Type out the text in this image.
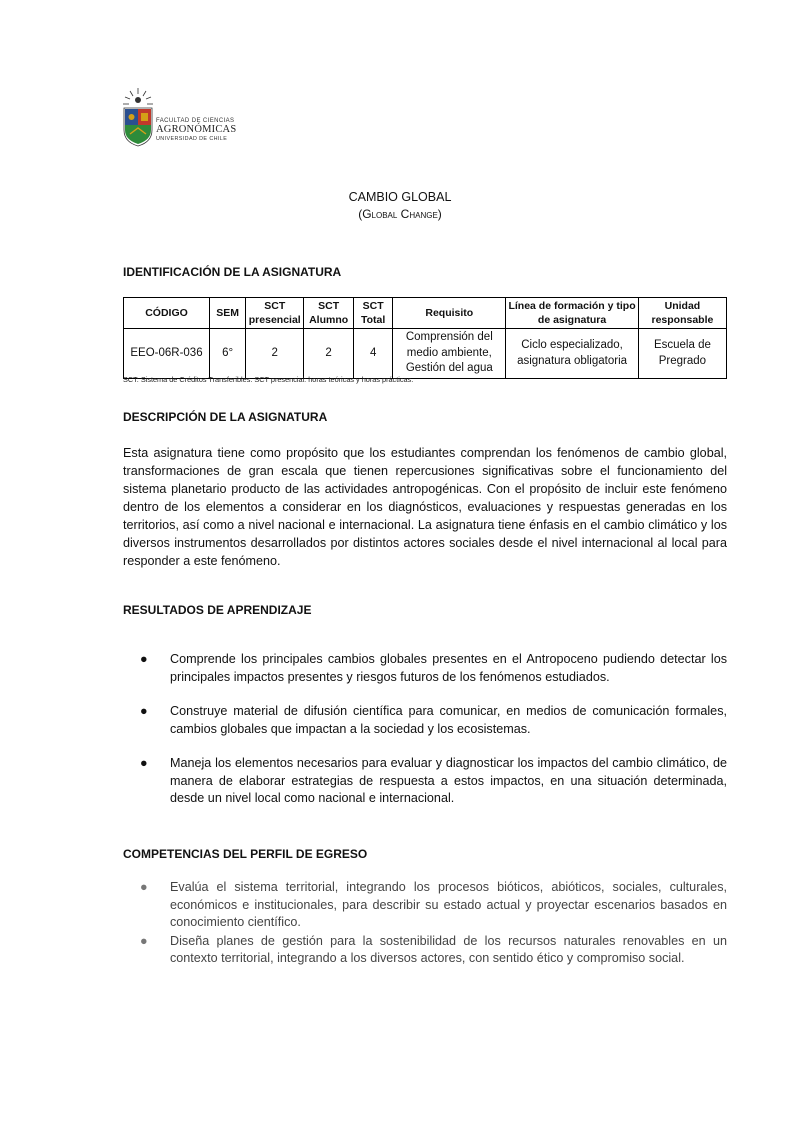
FACULTAD DE CIENCIAS
AGRONÓMICAS
UNIVERSIDAD DE CHILE
CAMBIO GLOBAL
(Global Change)
IDENTIFICACIÓN DE LA ASIGNATURA
CÓDIGO	SEM	SCT presencial	SCT Alumno	SCT Total	Requisito	Línea de formación y tipo de asignatura	Unidad responsable
EEO-06R-036	6°	2	2	4	Comprensión del medio ambiente, Gestión del agua	Ciclo especializado, asignatura obligatoria	Escuela de Pregrado
SCT: Sistema de Créditos Transferibles. SCT presencial: horas teóricas y horas prácticas.
DESCRIPCIÓN DE LA ASIGNATURA
Esta asignatura tiene como propósito que los estudiantes comprendan los fenómenos de cambio global, transformaciones de gran escala que tienen repercusiones significativas sobre el funcionamiento del sistema planetario producto de las actividades antropogénicas. Con el propósito de incluir este fenómeno dentro de los elementos a considerar en los diagnósticos, evaluaciones y respuestas generadas en los territorios, así como a nivel nacional e internacional. La asignatura tiene énfasis en el cambio climático y los diversos instrumentos desarrollados por distintos actores sociales desde el nivel internacional al local para responder a este fenómeno.
RESULTADOS DE APRENDIZAJE
● Comprende los principales cambios globales presentes en el Antropoceno pudiendo detectar los principales impactos presentes y riesgos futuros de los fenómenos estudiados.
● Construye material de difusión científica para comunicar, en medios de comunicación formales, cambios globales que impactan a la sociedad y los ecosistemas.
● Maneja los elementos necesarios para evaluar y diagnosticar los impactos del cambio climático, de manera de elaborar estrategias de respuesta a estos impactos, en una situación determinada, desde un nivel local como nacional e internacional.
COMPETENCIAS DEL PERFIL DE EGRESO
● Evalúa el sistema territorial, integrando los procesos bióticos, abióticos, sociales, culturales, económicos e institucionales, para describir su estado actual y proyectar escenarios basados en conocimiento científico.
● Diseña planes de gestión para la sostenibilidad de los recursos naturales renovables en un contexto territorial, integrando a los diversos actores, con sentido ético y compromiso social.
